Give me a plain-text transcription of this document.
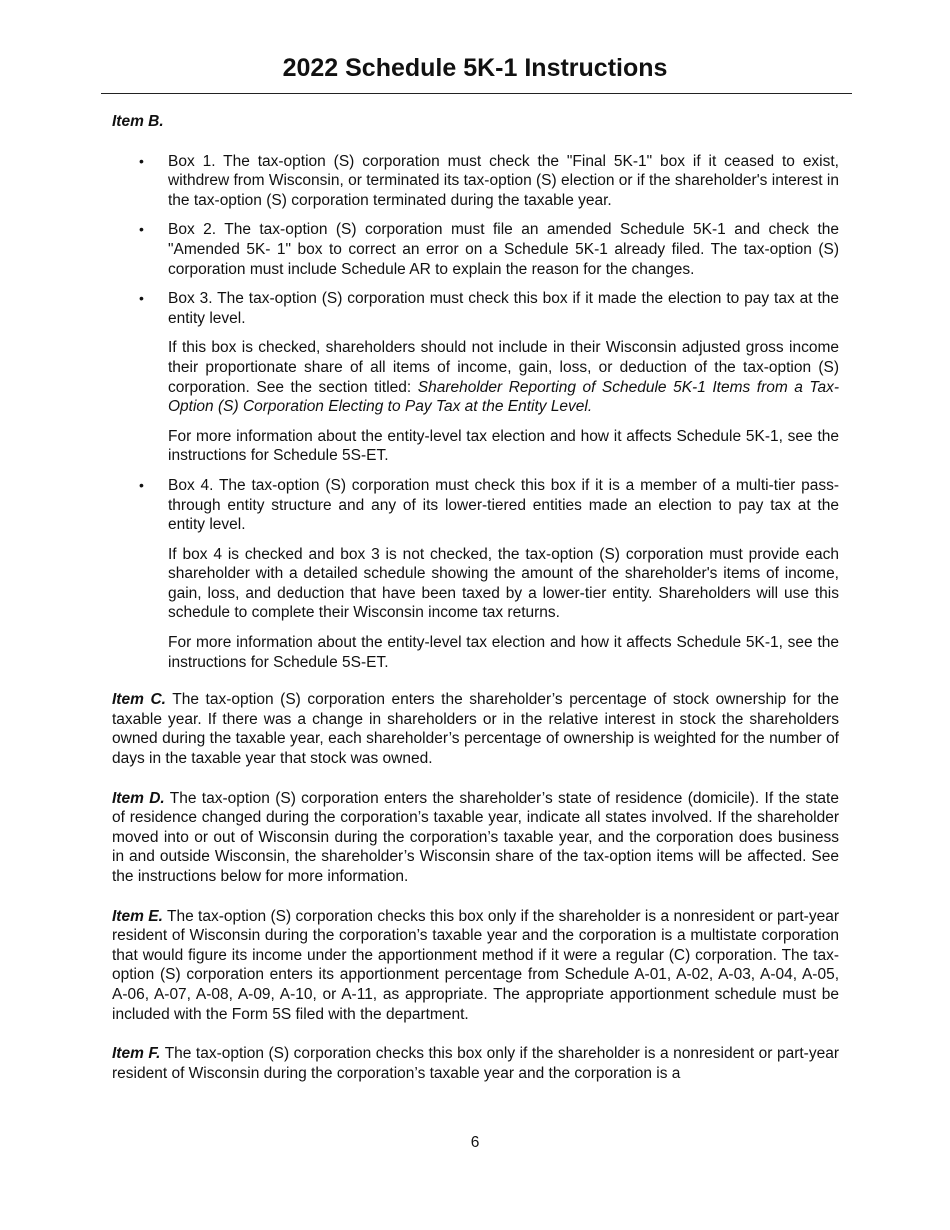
2022 Schedule 5K-1 Instructions

Item B.

• Box 1. The tax-option (S) corporation must check the "Final 5K-1" box if it ceased to exist, withdrew from Wisconsin, or terminated its tax-option (S) election or if the shareholder's interest in the tax-option (S) corporation terminated during the taxable year.

• Box 2. The tax-option (S) corporation must file an amended Schedule 5K-1 and check the "Amended 5K- 1" box to correct an error on a Schedule 5K-1 already filed. The tax-option (S) corporation must include Schedule AR to explain the reason for the changes.

• Box 3. The tax-option (S) corporation must check this box if it made the election to pay tax at the entity level.

If this box is checked, shareholders should not include in their Wisconsin adjusted gross income their proportionate share of all items of income, gain, loss, or deduction of the tax-option (S) corporation. See the section titled: Shareholder Reporting of Schedule 5K-1 Items from a Tax-Option (S) Corporation Electing to Pay Tax at the Entity Level.

For more information about the entity-level tax election and how it affects Schedule 5K-1, see the instructions for Schedule 5S-ET.

• Box 4. The tax-option (S) corporation must check this box if it is a member of a multi-tier pass-through entity structure and any of its lower-tiered entities made an election to pay tax at the entity level.

If box 4 is checked and box 3 is not checked, the tax-option (S) corporation must provide each shareholder with a detailed schedule showing the amount of the shareholder's items of income, gain, loss, and deduction that have been taxed by a lower-tier entity. Shareholders will use this schedule to complete their Wisconsin income tax returns.

For more information about the entity-level tax election and how it affects Schedule 5K-1, see the instructions for Schedule 5S-ET.

Item C. The tax-option (S) corporation enters the shareholder’s percentage of stock ownership for the taxable year. If there was a change in shareholders or in the relative interest in stock the shareholders owned during the taxable year, each shareholder’s percentage of ownership is weighted for the number of days in the taxable year that stock was owned.

Item D. The tax-option (S) corporation enters the shareholder’s state of residence (domicile). If the state of residence changed during the corporation’s taxable year, indicate all states involved. If the shareholder moved into or out of Wisconsin during the corporation’s taxable year, and the corporation does business in and outside Wisconsin, the shareholder’s Wisconsin share of the tax-option items will be affected. See the instructions below for more information.

Item E. The tax-option (S) corporation checks this box only if the shareholder is a nonresident or part-year resident of Wisconsin during the corporation’s taxable year and the corporation is a multistate corporation that would figure its income under the apportionment method if it were a regular (C) corporation. The tax-option (S) corporation enters its apportionment percentage from Schedule A-01, A-02, A-03, A-04, A-05, A-06, A-07, A-08, A-09, A-10, or A-11, as appropriate. The appropriate apportionment schedule must be included with the Form 5S filed with the department.

Item F. The tax-option (S) corporation checks this box only if the shareholder is a nonresident or part-year resident of Wisconsin during the corporation’s taxable year and the corporation is a

6
